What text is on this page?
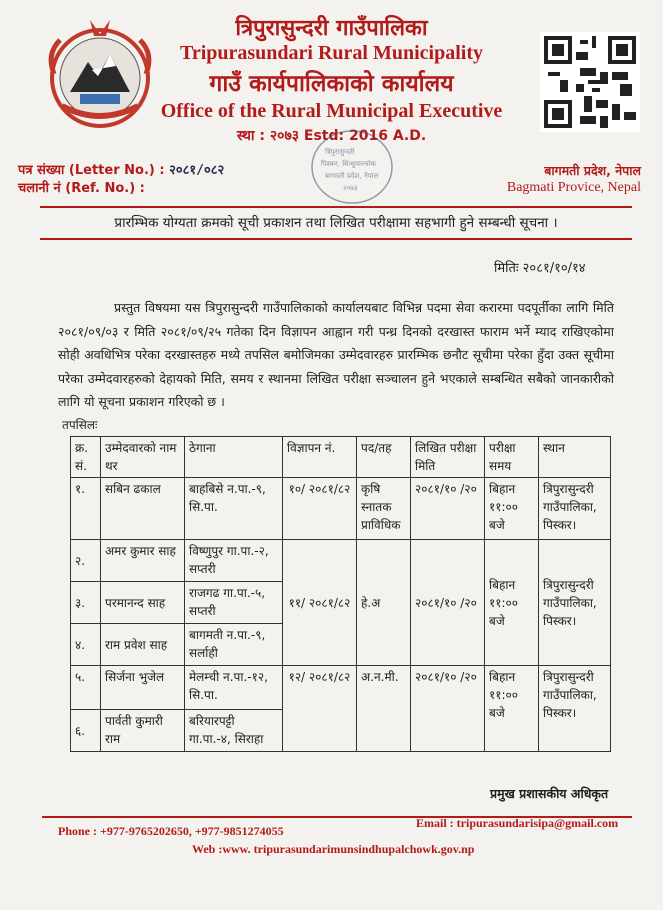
त्रिपुरासुन्दरी गाउँपालिका
Tripurasundari Rural Municipality
गाउँ कार्यपालिकाको कार्यालय
Office of the Rural Municipal Executive
स्था : २०७३ Estd: 2016 A.D.
त्रिपुरासुन्दरी
पिस्कर, सिन्धुपाल्चोक
बागमती प्रदेश, नेपाल
२०७३
पत्र संख्या (Letter No.) : २०८१/०८२
चलानी नं (Ref. No.) :
बागमती प्रदेश, नेपाल
Bagmati Provice, Nepal
प्रारम्भिक योग्यता क्रमको सूची प्रकाशन तथा लिखित परीक्षामा सहभागी हुने सम्बन्धी सूचना ।
मितिः २०८१/१०/१४
प्रस्तुत विषयमा यस त्रिपुरासुन्दरी गाउँपालिकाको कार्यालयबाट विभिन्न पदमा सेवा करारमा पदपूर्तीका लागि मिति २०८१/०९/०३ र मिति २०८१/०९/२५ गतेका दिन विज्ञापन आह्वान गरी पन्ध्र दिनको दरखास्त फाराम भर्ने म्याद राखिएकोमा सोही अवधिभित्र परेका दरखास्तहरु मध्ये तपसिल बमोजिमका उम्मेदवारहरु प्रारम्भिक छनौट सूचीमा परेका हुँदा उक्त सूचीमा परेका उम्मेदवारहरुको देहायको मिति, समय र स्थानमा लिखित परीक्षा सञ्चालन हुने भएकाले सम्बन्धित सबैको जानकारीको लागि यो सूचना प्रकाशन गरिएको छ ।
तपसिलः
क्र. सं.	उम्मेदवारको नाम थर	ठेगाना	विज्ञापन नं.	पद/तह	लिखित परीक्षा मिति	परीक्षा समय	स्थान
१.	सबिन ढकाल	बाहबिसे न.पा.-९, सि.पा.	१०/ २०८१/८२	कृषि स्नातक प्राविधिक	२०८१/१० /२०	बिहान ११:०० बजे	त्रिपुरासुन्दरी गाउँपालिका, पिस्कर।
२.	अमर कुमार साह	विष्णुपुर गा.पा.-२, सप्तरी	११/ २०८१/८२	हे.अ	२०८१/१० /२०	बिहान ११:०० बजे	त्रिपुरासुन्दरी गाउँपालिका, पिस्कर।
३.	परमानन्द साह	राजगढ गा.पा.-५, सप्तरी					
४.	राम प्रवेश साह	बागमती न.पा.-९, सर्लाही					
५.	सिर्जना भुजेल	मेलम्ची न.पा.-१२, सि.पा.	१२/ २०८१/८२	अ.न.मी.	२०८१/१० /२०	बिहान ११:०० बजे	त्रिपुरासुन्दरी गाउँपालिका, पिस्कर।
६.	पार्वती कुमारी राम	बरियारपट्टी गा.पा.-४, सिराहा					
प्रमुख प्रशासकीय अधिकृत
Phone : +977-9765202650, +977-9851274055
Email : tripurasundarisipa@gmail.com
Web :www. tripurasundarimunsindhupalchowk.gov.np
